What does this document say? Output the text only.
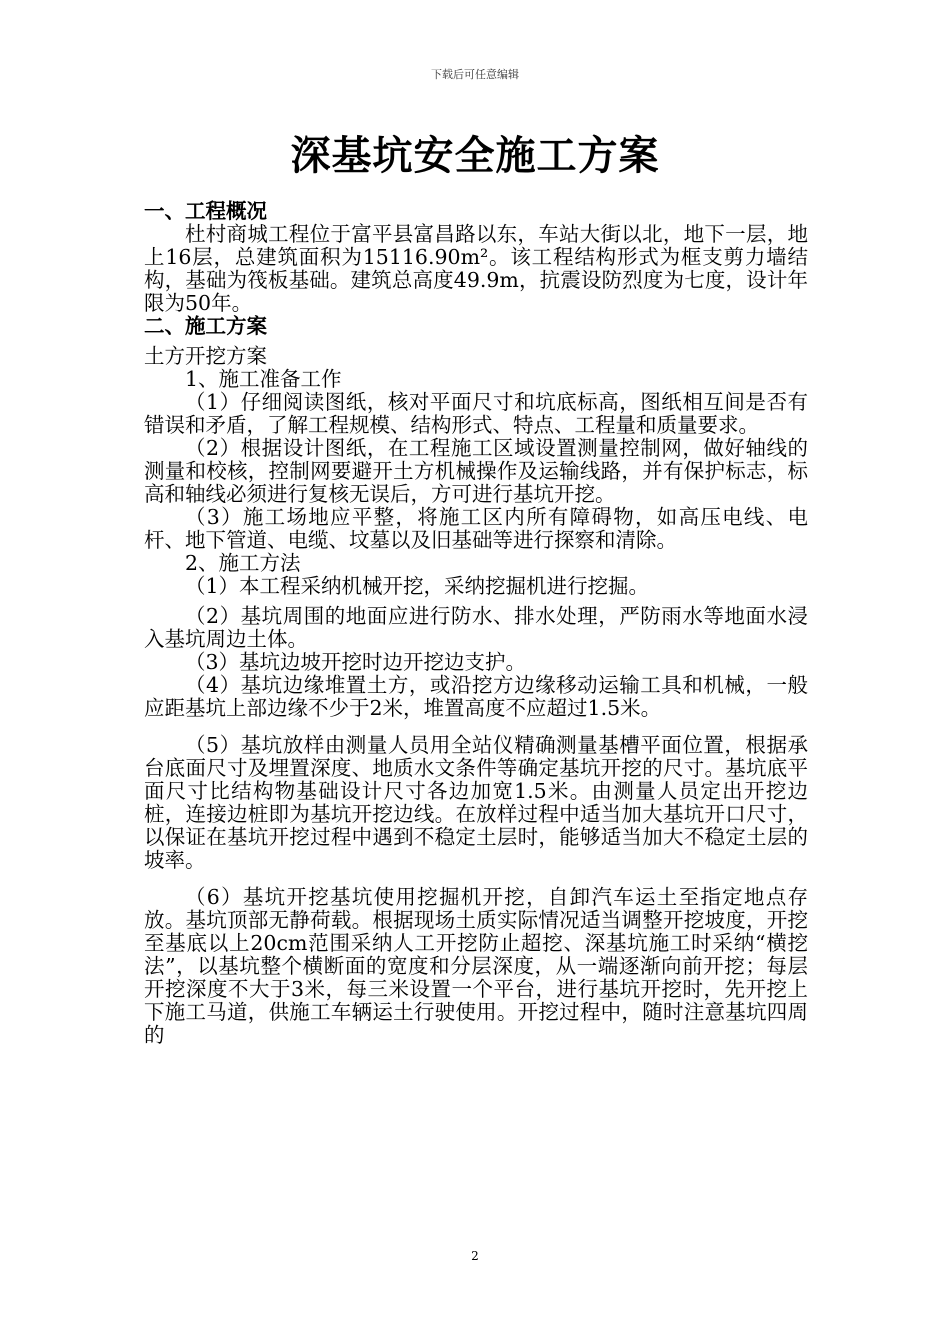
下载后可任意编辑
深基坑安全施工方案
一、工程概况
杜村商城工程位于富平县富昌路以东，车站大街以北，地下一层，地上16层，总建筑面积为15116.90m²。该工程结构形式为框支剪力墙结构，基础为筏板基础。建筑总高度49.9m，抗震设防烈度为七度，设计年限为50年。
二、施工方案
土方开挖方案
1、施工准备工作
（1）仔细阅读图纸，核对平面尺寸和坑底标高，图纸相互间是否有错误和矛盾，了解工程规模、结构形式、特点、工程量和质量要求。
（2）根据设计图纸，在工程施工区域设置测量控制网，做好轴线的测量和校核，控制网要避开土方机械操作及运输线路，并有保护标志，标高和轴线必须进行复核无误后，方可进行基坑开挖。
（3）施工场地应平整，将施工区内所有障碍物，如高压电线、电杆、地下管道、电缆、坟墓以及旧基础等进行探察和清除。
2、施工方法
（1）本工程采纳机械开挖，采纳挖掘机进行挖掘。
（2）基坑周围的地面应进行防水、排水处理，严防雨水等地面水浸入基坑周边土体。
（3）基坑边坡开挖时边开挖边支护。
（4）基坑边缘堆置土方，或沿挖方边缘移动运输工具和机械，一般应距基坑上部边缘不少于2米，堆置高度不应超过1.5米。
（5）基坑放样由测量人员用全站仪精确测量基槽平面位置，根据承台底面尺寸及埋置深度、地质水文条件等确定基坑开挖的尺寸。基坑底平面尺寸比结构物基础设计尺寸各边加宽1.5米。由测量人员定出开挖边桩，连接边桩即为基坑开挖边线。在放样过程中适当加大基坑开口尺寸，以保证在基坑开挖过程中遇到不稳定土层时，能够适当加大不稳定土层的坡率。
（6）基坑开挖基坑使用挖掘机开挖，自卸汽车运土至指定地点存放。基坑顶部无静荷载。根据现场土质实际情况适当调整开挖坡度，开挖至基底以上20cm范围采纳人工开挖防止超挖、深基坑施工时采纳“横挖法”，以基坑整个横断面的宽度和分层深度，从一端逐渐向前开挖；每层开挖深度不大于3米，每三米设置一个平台，进行基坑开挖时，先开挖上下施工马道，供施工车辆运土行驶使用。开挖过程中，随时注意基坑四周的
2
